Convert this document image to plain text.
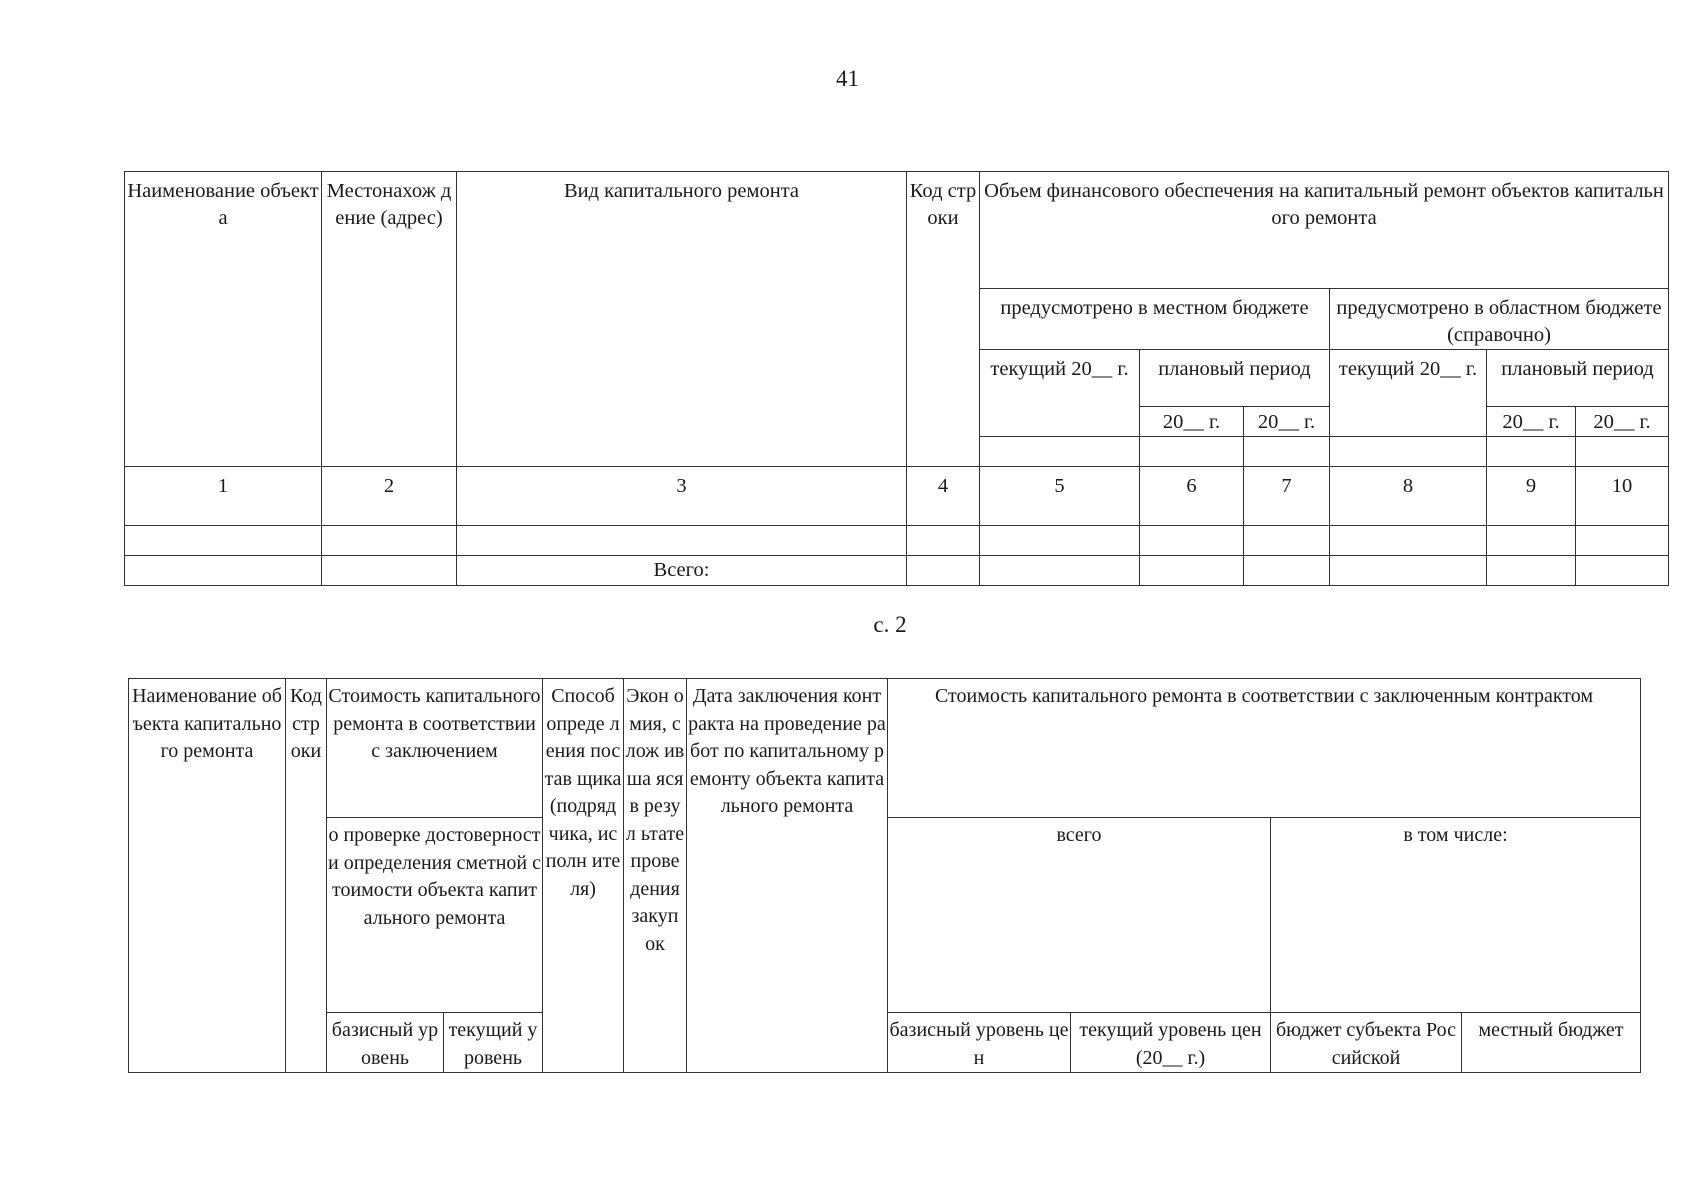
41
Наименование объекта	Местонахож дение (адрес)	Вид капитального ремонта	Код строки	Объем финансового обеспечения на капитальный ремонт объектов капитального ремонта					
				предусмотрено в местном бюджете			предусмотрено в областном бюджете (справочно)		
				текущий 20__ г.	плановый период		текущий 20__ г.	плановый период	
					20__ г.	20__ г.		20__ г.	20__ г.

1	2	3	4	5	6	7	8	9	10

		Всего:							
с. 2
Наименование объекта капитального ремонта	Код стр оки	Стоимость капитального ремонта в соответствии с заключением		Способ опреде ления постав щика (подряд чика, исполн ителя)	Экон омия, слож ивша яся в резул ьтате прове дения закуп ок	Дата заключения контракта на проведение работ по капитальному ремонту объекта капитального ремонта	Стоимость капитального ремонта в соответствии с заключенным контрактом			
		о проверке достоверности определения сметной стоимости объекта капитального ремонта					всего		в том числе:	
		базисный уровень	текущий уровень				базисный уровень цен	текущий уровень цен (20__ г.)	бюджет субъекта Российской	местный бюджет
